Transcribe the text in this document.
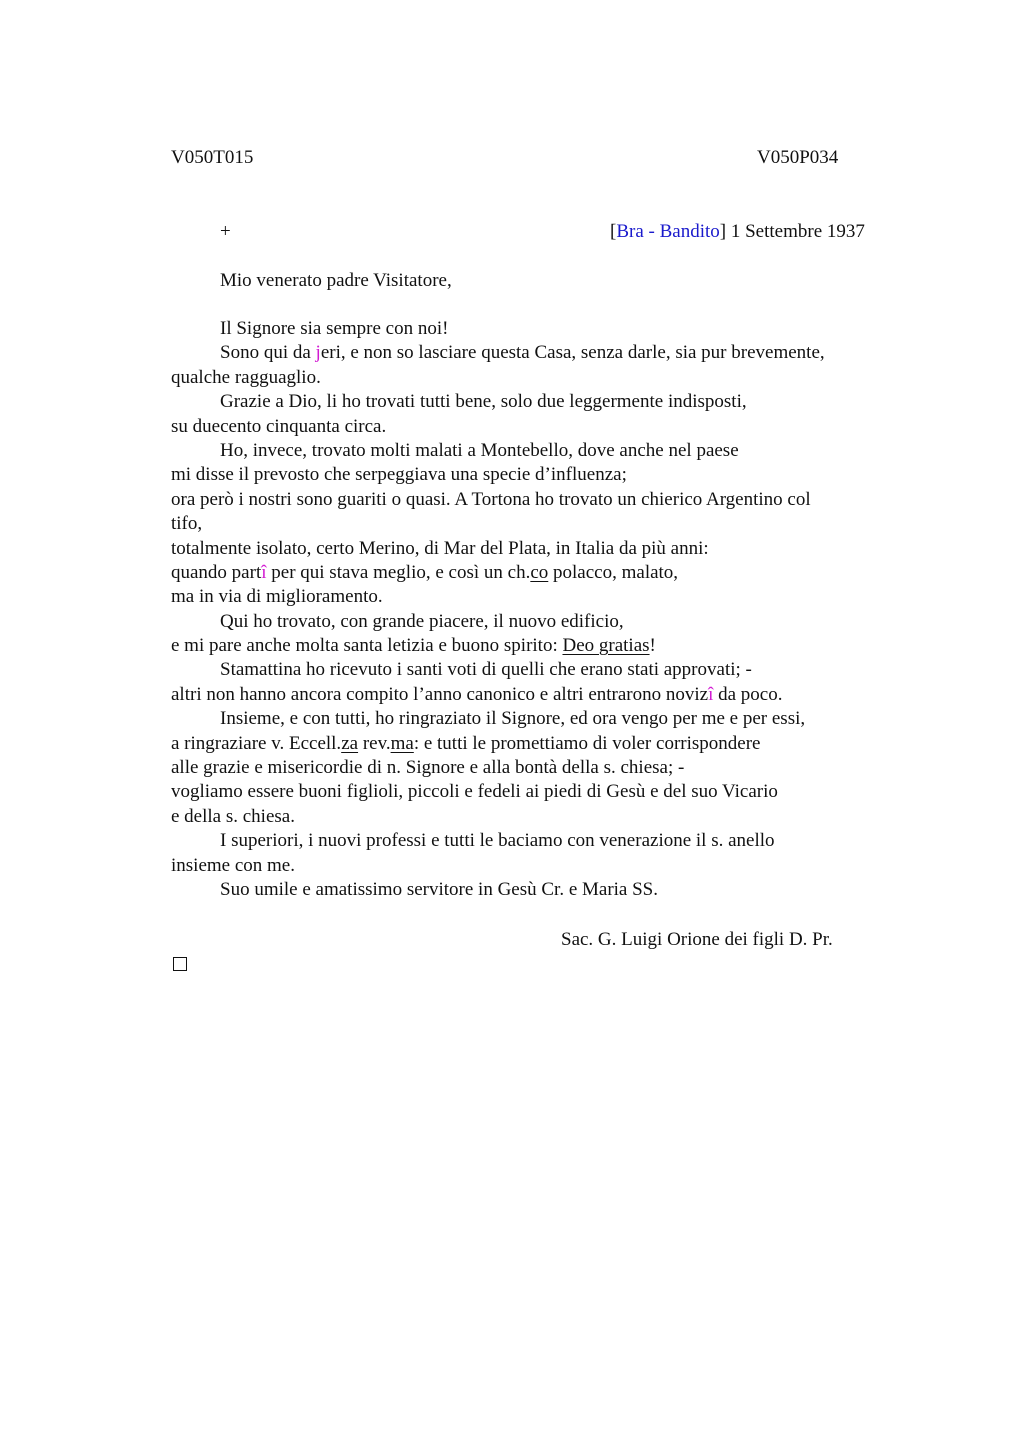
V050T015	V050P034
+	[Bra - Bandito] 1 Settembre 1937
Mio venerato padre Visitatore,
Il Signore sia sempre con noi!
Sono qui da jeri, e non so lasciare questa Casa, senza darle, sia pur brevemente,
qualche ragguaglio.
Grazie a Dio, li ho trovati tutti bene, solo due leggermente indisposti,
su duecento cinquanta circa.
Ho, invece, trovato molti malati a Montebello, dove anche nel paese
mi disse il prevosto che serpeggiava una specie d’influenza;
ora però i nostri sono guariti o quasi. A Tortona ho trovato un chierico Argentino col
tifo,
totalmente isolato, certo Merino, di Mar del Plata, in Italia da più anni:
quando partî per qui stava meglio, e così un ch.co polacco, malato,
ma in via di miglioramento.
Qui ho trovato, con grande piacere, il nuovo edificio,
e mi pare anche molta santa letizia e buono spirito: Deo gratias!
Stamattina ho ricevuto i santi voti di quelli che erano stati approvati; -
altri non hanno ancora compito l’anno canonico e altri entrarono novizî da poco.
Insieme, e con tutti, ho ringraziato il Signore, ed ora vengo per me e per essi,
a ringraziare v. Eccell.za rev.ma: e tutti le promettiamo di voler corrispondere
alle grazie e misericordie di n. Signore e alla bontà della s. chiesa; -
vogliamo essere buoni figlioli, piccoli e fedeli ai piedi di Gesù e del suo Vicario
e della s. chiesa.
I superiori, i nuovi professi e tutti le baciamo con venerazione il s. anello
insieme con me.
Suo umile e amatissimo servitore in Gesù Cr. e Maria SS.
Sac. G. Luigi Orione dei figli D. Pr.
